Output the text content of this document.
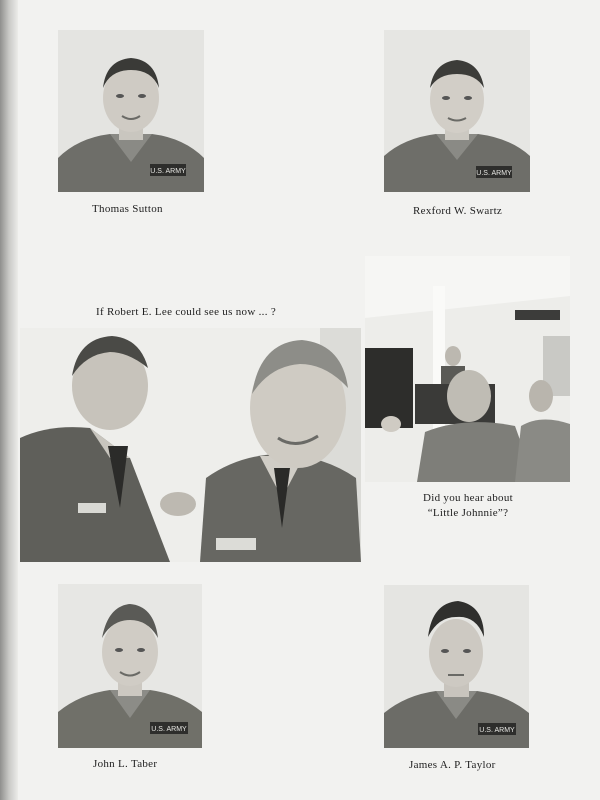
U.S. ARMY
Thomas Sutton
U.S. ARMY
Rexford W. Swartz
If Robert E. Lee could see us now ... ?
Did you hear about
“Little Johnnie”?
U.S. ARMY
John L. Taber
U.S. ARMY
James A. P. Taylor
